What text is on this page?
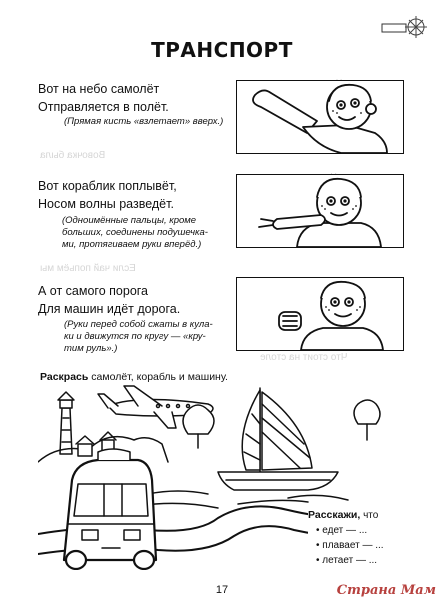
Вовочка была
Если чай попьём мы
Что стоит на столе
ТРАНСПОРТ
Вот на небо самолёт
Отправляется в полёт.
(Прямая кисть «взлетает» вверх.)
Вот кораблик поплывёт,
Носом волны разведёт.
(Одноимённые пальцы, кроме
больших, соединены подушечка-
ми, протягиваем руки вперёд.)
А от самого порога
Для машин идёт дорога.
(Руки перед собой сжаты в кула-
ки и движутся по кругу — «кру-
тим руль».)
Раскрась самолёт, корабль и машину.
Расскажи, что
• едет — ...
• плавает — ...
• летает — ...
17	Страна Мам
